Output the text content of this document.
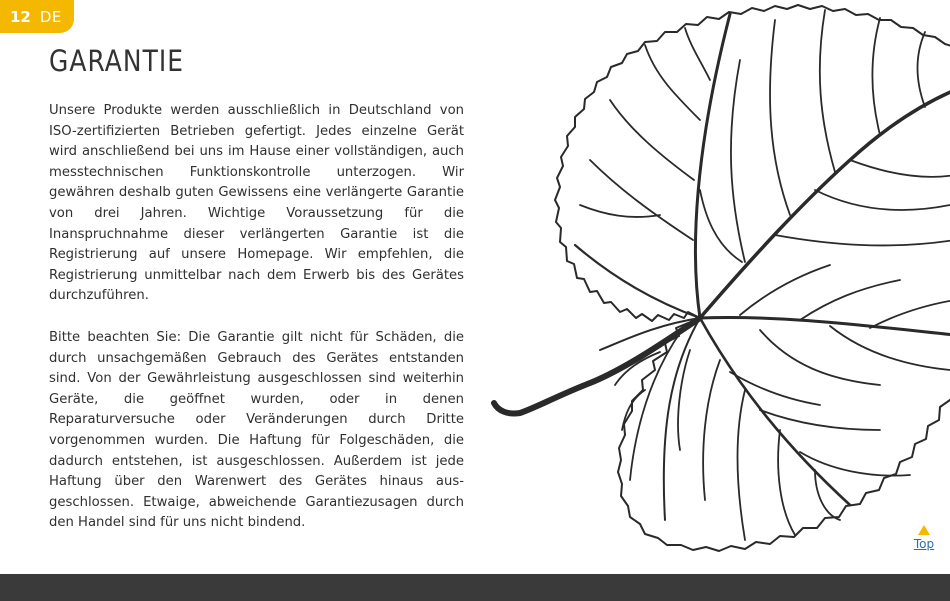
12 DE
GARANTIE

Unsere Produkte werden ausschließlich in Deutschland von ISO-zertifizierten Betrieben gefertigt. Jedes einzelne Gerät wird anschließend bei uns im Hause einer vollständigen, auch messtechnischen Funktionskontrolle unterzogen. Wir gewähren deshalb guten Gewissens eine verlängerte Garantie von drei Jahren. Wichtige Voraussetzung für die Inanspruchnahme dieser verlängerten Garantie ist die Registrierung auf unsere Homepage. Wir empfehlen, die Registrierung unmittelbar nach dem Erwerb bis des Gerätes durchzuführen.

Bitte beachten Sie: Die Garantie gilt nicht für Schäden, die durch unsachgemäßen Gebrauch des Gerätes entstanden sind. Von der Gewährleistung ausgeschlossen sind weiterhin Geräte, die geöffnet wurden, oder in denen Reparaturversuche oder Veränderungen durch Dritte vorgenommen wurden. Die Haftung für Folgeschäden, die dadurch entstehen, ist ausgeschlossen. Außerdem ist jede Haftung über den Warenwert des Gerätes hinaus ausgeschlossen. Etwaige, abweichende Garantiezusagen durch den Handel sind für uns nicht bindend.

Top
